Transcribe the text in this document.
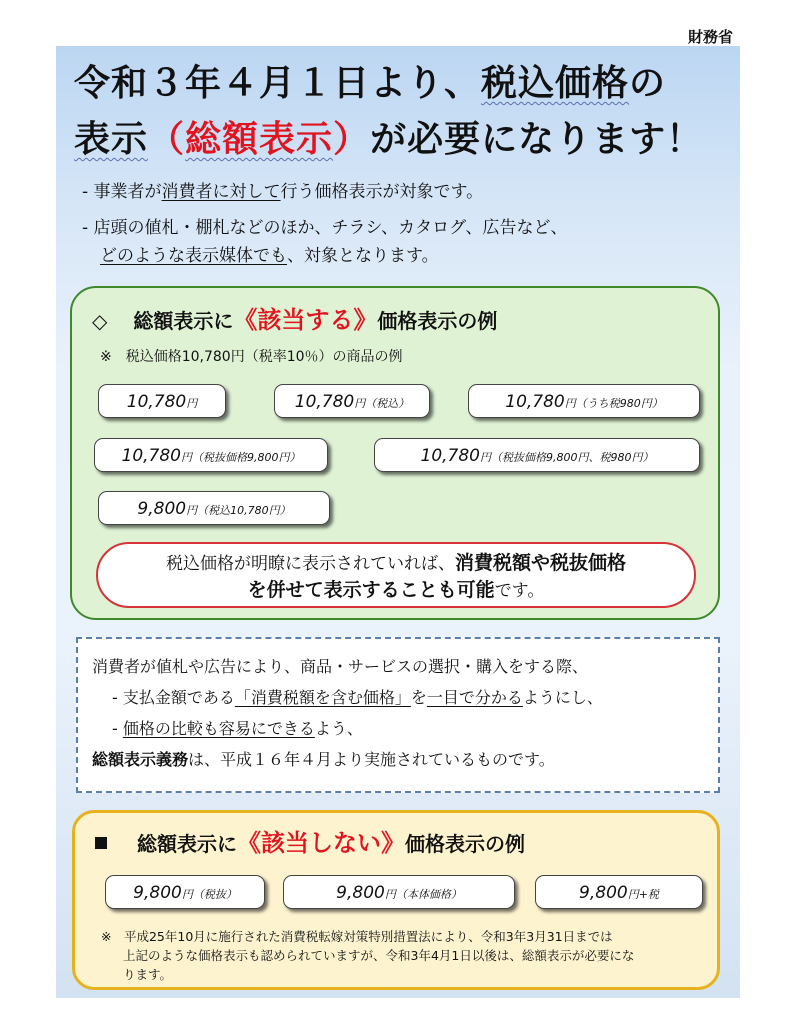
財務省
令和３年４月１日より、税込価格の
表示（総額表示）が必要になります！
- 事業者が消費者に対して行う価格表示が対象です。
- 店頭の値札・棚札などのほか、チラシ、カタログ、広告など、
どのような表示媒体でも、対象となります。
◇ 総額表示に《該当する》価格表示の例
※　税込価格10,780円（税率10％）の商品の例
10,780円	10,780円（税込）	10,780円（うち税980円）
10,780円（税抜価格9,800円）	10,780円（税抜価格9,800円、税980円）
9,800円（税込10,780円）
税込価格が明瞭に表示されていれば、消費税額や税抜価格
を併せて表示することも可能です。
消費者が値札や広告により、商品・サービスの選択・購入をする際、
- 支払金額である「消費税額を含む価格」を一目で分かるようにし、
- 価格の比較も容易にできるよう、
総額表示義務は、平成１６年４月より実施されているものです。
総額表示に《該当しない》価格表示の例
9,800円（税抜）	9,800円（本体価格）	9,800円+税
※　平成25年10月に施行された消費税転嫁対策特別措置法により、令和3年3月31日までは
上記のような価格表示も認められていますが、令和3年4月1日以後は、総額表示が必要にな
ります。
